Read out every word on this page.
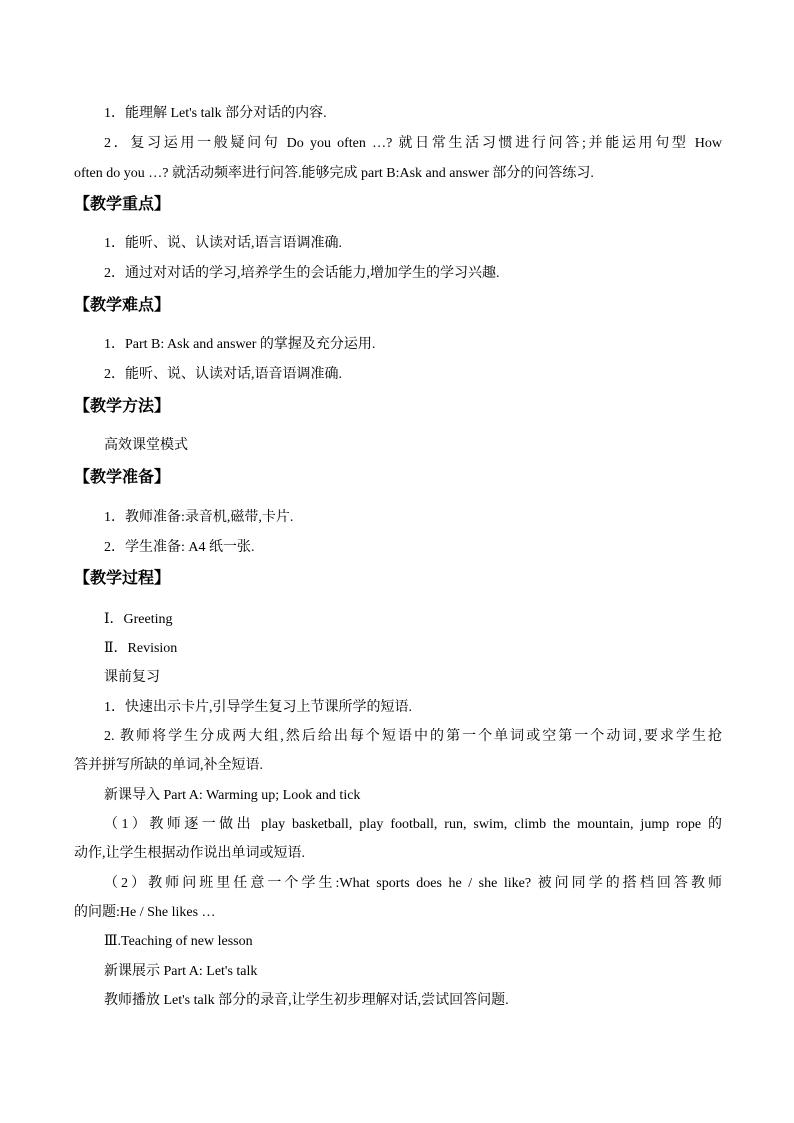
1．能理解 Let's talk 部分对话的内容.
2．复习运用一般疑问句 Do you often …? 就日常生活习惯进行问答;并能运用句型 How
often do you …? 就活动频率进行问答.能够完成 part B:Ask and answer 部分的问答练习.
【教学重点】
1．能听、说、认读对话,语言语调准确.
2．通过对对话的学习,培养学生的会话能力,增加学生的学习兴趣.
【教学难点】
1．Part B: Ask and answer 的掌握及充分运用.
2．能听、说、认读对话,语音语调准确.
【教学方法】
高效课堂模式
【教学准备】
1．教师准备:录音机,磁带,卡片.
2．学生准备: A4 纸一张.
【教学过程】
Ⅰ．Greeting
Ⅱ．Revision
课前复习
1．快速出示卡片,引导学生复习上节课所学的短语.
2. 教师将学生分成两大组,然后给出每个短语中的第一个单词或空第一个动词,要求学生抢
答并拼写所缺的单词,补全短语.
新课导入 Part A: Warming up; Look and tick
（1）教师逐一做出 play basketball, play football, run, swim, climb the mountain, jump rope 的
动作,让学生根据动作说出单词或短语.
（2）教师问班里任意一个学生:What sports does he / she like? 被问同学的搭档回答教师
的问题:He / She likes …
Ⅲ.Teaching of new lesson
新课展示 Part A: Let's talk
教师播放 Let's talk 部分的录音,让学生初步理解对话,尝试回答问题.
